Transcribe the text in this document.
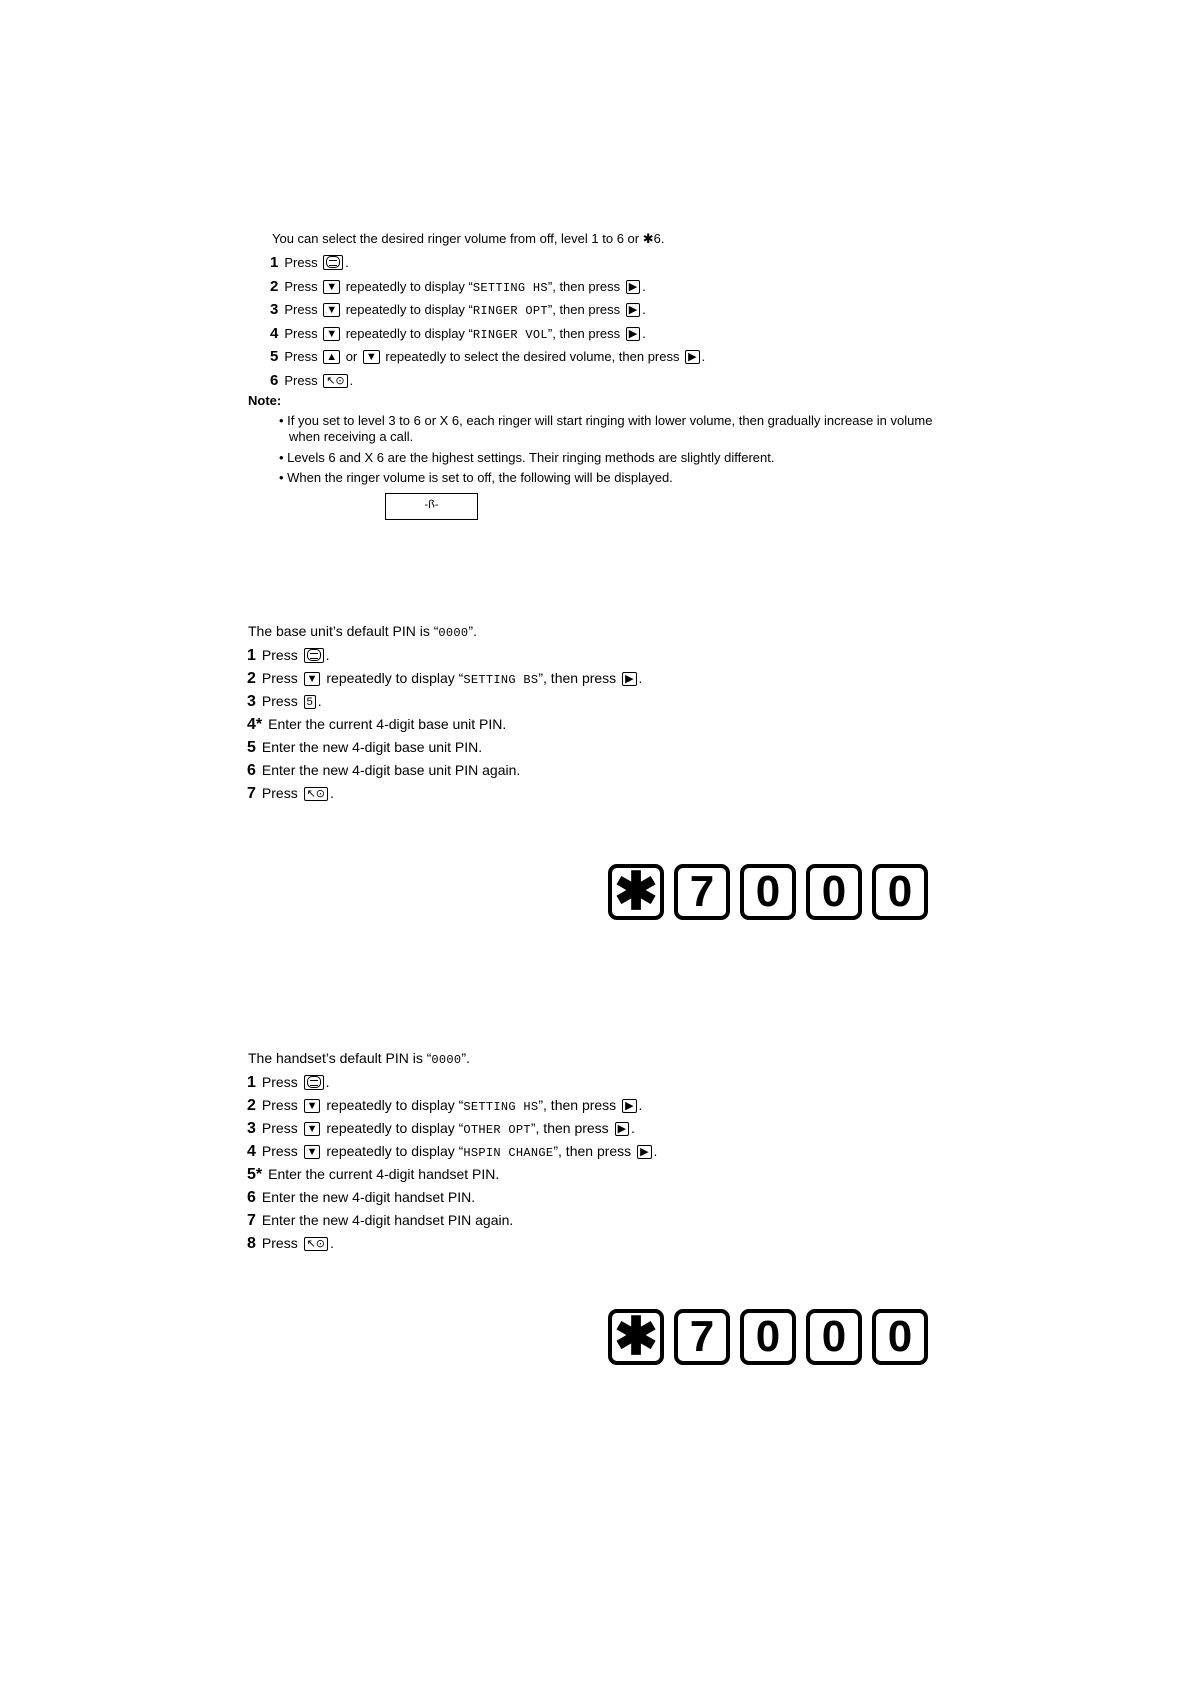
You can select the desired ringer volume from off, level 1 to 6 or ✱6.
1 Press .
2 Press ▼ repeatedly to display “SETTING HS”, then press ▶ .
3 Press ▼ repeatedly to display “RINGER OPT”, then press ▶ .
4 Press ▼ repeatedly to display “RINGER VOL”, then press ▶ .
5 Press ▲ or ▼ repeatedly to select the desired volume, then press ▶ .
6 Press ↖⊙ .
Note:
• If you set to level 3 to 6 or X 6, each ringer will start ringing with lower volume, then gradually increase in volume
when receiving a call.
• Levels 6 and X 6 are the highest settings. Their ringing methods are slightly different.
• When the ringer volume is set to off, the following will be displayed.
‐ꟗ‐
The base unit’s default PIN is “0000”.
1 Press .
2 Press ▼ repeatedly to display “SETTING BS”, then press ▶ .
3 Press 5 .
4* Enter the current 4-digit base unit PIN.
5 Enter the new 4-digit base unit PIN.
6 Enter the new 4-digit base unit PIN again.
7 Press ↖⊙ .
✱ 7 0 0 0
The handset’s default PIN is “0000”.
1 Press .
2 Press ▼ repeatedly to display “SETTING HS”, then press ▶ .
3 Press ▼ repeatedly to display “OTHER OPT”, then press ▶ .
4 Press ▼ repeatedly to display “HSPIN CHANGE”, then press ▶ .
5* Enter the current 4-digit handset PIN.
6 Enter the new 4-digit handset PIN.
7 Enter the new 4-digit handset PIN again.
8 Press ↖⊙ .
✱ 7 0 0 0
